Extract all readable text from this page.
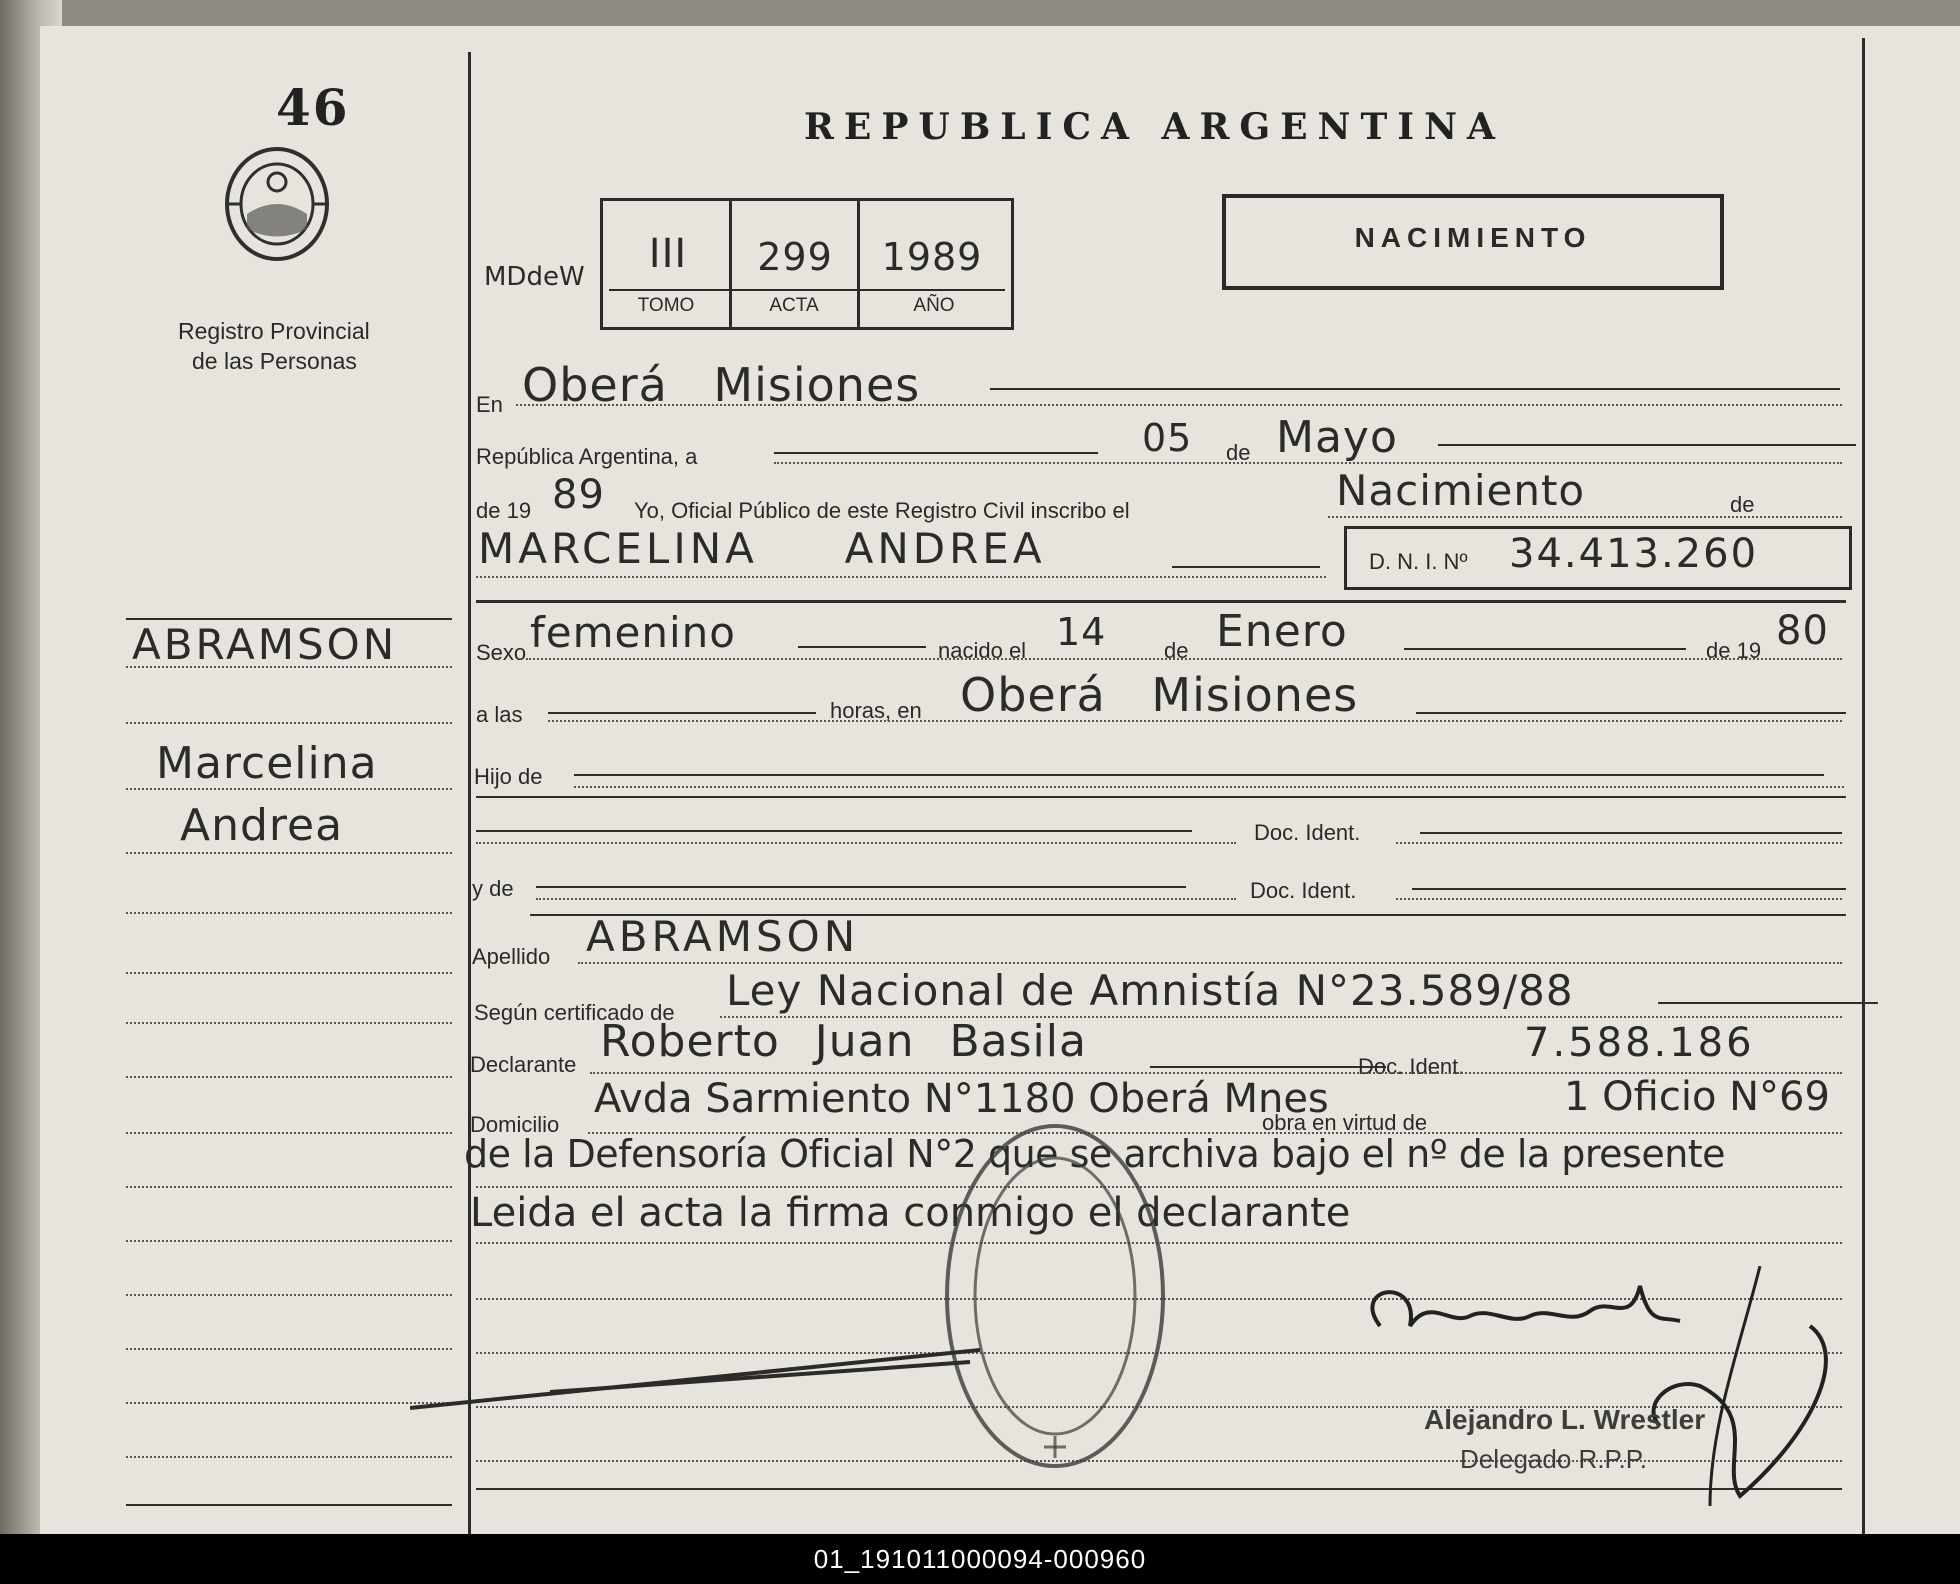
46
Registro Provincial
de las Personas
ABRAMSON
Marcelina
Andrea
REPUBLICA ARGENTINA
MDdeW	III	299	1989
TOMO	ACTA	AÑO
NACIMIENTO
En Oberá Misiones
República Argentina, a	05 de Mayo
de 19 89 Yo, Oficial Público de este Registro Civil inscribo el	Nacimiento	de
MARCELINA     ANDREA	D. N. I. Nº 34.413.260
Sexo femenino	nacido el 14	de Enero	de 19 80
a las	horas, en Oberá Misiones
Hijo de
Doc. Ident.
y de	Doc. Ident.
Apellido ABRAMSON
Según certificado de Ley Nacional de Amnistía N°23.589/88
Declarante Roberto Juan Basila	Doc. Ident.
7.588.186
Domicilio
Avda Sarmiento N°1180 Oberá Mnes
obra en virtud de
1 Oficio N°69
de la Defensoría Oficial N°2 que se archiva bajo el nº de la presente
Leida el acta la firma conmigo el declarante
Alejandro L. Wrestler
Delegado R.P.P.
01_191011000094-000960
